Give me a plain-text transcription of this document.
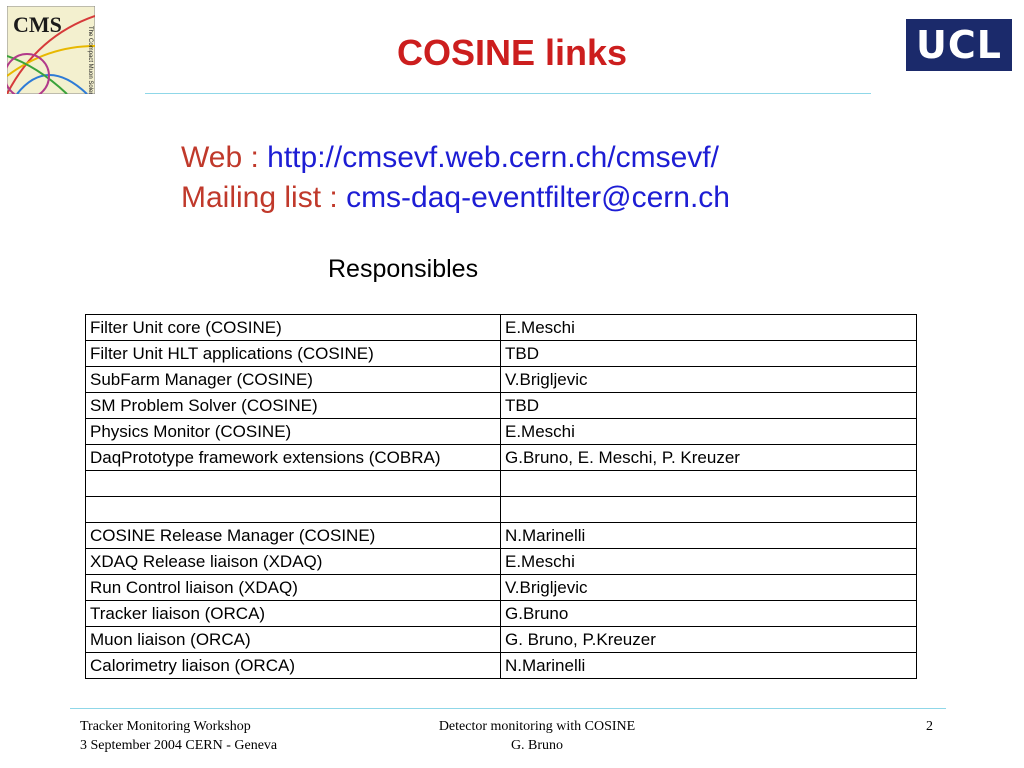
CMS
The Compact Muon Solenoid	UCL
COSINE links
Web : http://cmsevf.web.cern.ch/cmsevf/
Mailing list : cms-daq-eventfilter@cern.ch
Responsibles
Filter Unit core (COSINE)	E.Meschi
Filter Unit HLT applications (COSINE)	TBD
SubFarm Manager (COSINE)	V.Brigljevic
SM Problem Solver (COSINE)	TBD
Physics Monitor (COSINE)	E.Meschi
DaqPrototype framework extensions (COBRA)	G.Bruno, E. Meschi, P. Kreuzer

COSINE Release Manager (COSINE)	N.Marinelli
XDAQ Release liaison (XDAQ)	E.Meschi
Run Control liaison (XDAQ)	V.Brigljevic
Tracker liaison (ORCA)	G.Bruno
Muon liaison (ORCA)	G. Bruno, P.Kreuzer
Calorimetry liaison (ORCA)	N.Marinelli
Tracker Monitoring Workshop
3 September 2004 CERN - Geneva
Detector monitoring with COSINE
G. Bruno
2
